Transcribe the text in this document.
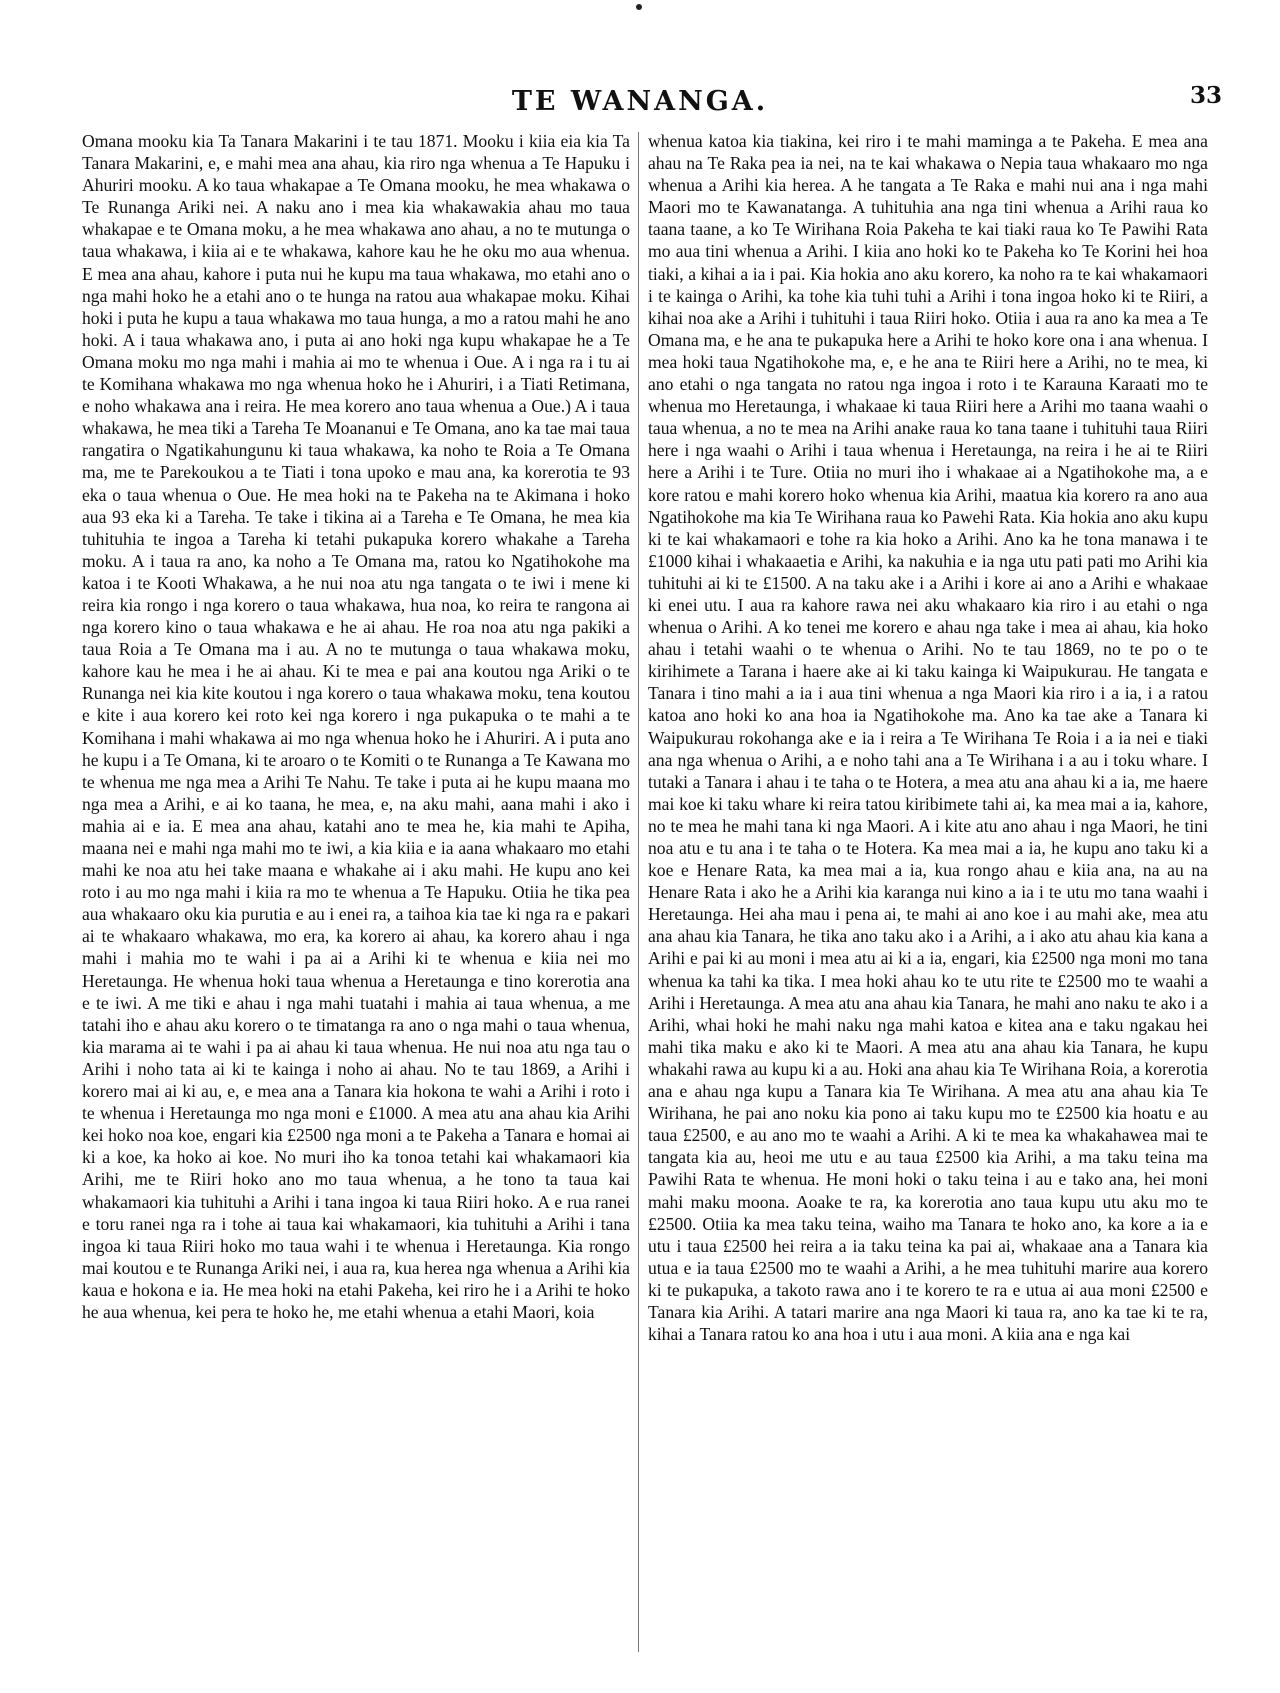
TE WANANGA.	33

Omana mooku kia Ta Tanara Makarini i te tau 1871. Mooku i kiia eia kia Ta Tanara Makarini, e, e mahi mea ana ahau, kia riro nga whenua a Te Hapuku i Ahuriri mooku. A ko taua whakapae a Te Omana mooku, he mea whakawa o Te Runanga Ariki nei. A naku ano i mea kia whakawakia ahau mo taua whakapae e te Omana moku, a he mea whakawa ano ahau, a no te mutunga o taua whakawa, i kiia ai e te whakawa, kahore kau he he oku mo aua whenua. E mea ana ahau, kahore i puta nui he kupu ma taua whakawa, mo etahi ano o nga mahi hoko he a etahi ano o te hunga na ratou aua whakapae moku. Kihai hoki i puta he kupu a taua whakawa mo taua hunga, a mo a ratou mahi he ano hoki. A i taua whakawa ano, i puta ai ano hoki nga kupu whakapae he a Te Omana moku mo nga mahi i mahia ai mo te whenua i Oue. A i nga ra i tu ai te Komihana whakawa mo nga whenua hoko he i Ahuriri, i a Tiati Retimana, e noho whakawa ana i reira. He mea korero ano taua whenua a Oue.) A i taua whakawa, he mea tiki a Tareha Te Moananui e Te Omana, ano ka tae mai taua rangatira o Ngatikahungunu ki taua whakawa, ka noho te Roia a Te Omana ma, me te Parekoukou a te Tiati i tona upoko e mau ana, ka korerotia te 93 eka o taua whenua o Oue. He mea hoki na te Pakeha na te Akimana i hoko aua 93 eka ki a Tareha. Te take i tikina ai a Tareha e Te Omana, he mea kia tuhituhia te ingoa a Tareha ki tetahi pukapuka korero whakahe a Tareha moku. A i taua ra ano, ka noho a Te Omana ma, ratou ko Ngatihokohe ma katoa i te Kooti Whakawa, a he nui noa atu nga tangata o te iwi i mene ki reira kia rongo i nga korero o taua whakawa, hua noa, ko reira te rangona ai nga korero kino o taua whakawa e he ai ahau. He roa noa atu nga pakiki a taua Roia a Te Omana ma i au. A no te mutunga o taua whakawa moku, kahore kau he mea i he ai ahau. Ki te mea e pai ana koutou nga Ariki o te Runanga nei kia kite koutou i nga korero o taua whakawa moku, tena koutou e kite i aua korero kei roto kei nga korero i nga pukapuka o te mahi a te Komihana i mahi whakawa ai mo nga whenua hoko he i Ahuriri. A i puta ano he kupu i a Te Omana, ki te aroaro o te Komiti o te Runanga a Te Kawana mo te whenua me nga mea a Arihi Te Nahu. Te take i puta ai he kupu maana mo nga mea a Arihi, e ai ko taana, he mea, e, na aku mahi, aana mahi i ako i mahia ai e ia. E mea ana ahau, katahi ano te mea he, kia mahi te Apiha, maana nei e mahi nga mahi mo te iwi, a kia kiia e ia aana whakaaro mo etahi mahi ke noa atu hei take maana e whakahe ai i aku mahi. He kupu ano kei roto i au mo nga mahi i kiia ra mo te whenua a Te Hapuku. Otiia he tika pea aua whakaaro oku kia purutia e au i enei ra, a taihoa kia tae ki nga ra e pakari ai te whakaaro whakawa, mo era, ka korero ai ahau, ka korero ahau i nga mahi i mahia mo te wahi i pa ai a Arihi ki te whenua e kiia nei mo Heretaunga. He whenua hoki taua whenua a Heretaunga e tino korerotia ana e te iwi. A me tiki e ahau i nga mahi tuatahi i mahia ai taua whenua, a me tatahi iho e ahau aku korero o te timatanga ra ano o nga mahi o taua whenua, kia marama ai te wahi i pa ai ahau ki taua whenua. He nui noa atu nga tau o Arihi i noho tata ai ki te kainga i noho ai ahau. No te tau 1869, a Arihi i korero mai ai ki au, e, e mea ana a Tanara kia hokona te wahi a Arihi i roto i te whenua i Heretaunga mo nga moni e £1000. A mea atu ana ahau kia Arihi kei hoko noa koe, engari kia £2500 nga moni a te Pakeha a Tanara e homai ai ki a koe, ka hoko ai koe. No muri iho ka tonoa tetahi kai whakamaori kia Arihi, me te Riiri hoko ano mo taua whenua, a he tono ta taua kai whakamaori kia tuhituhi a Arihi i tana ingoa ki taua Riiri hoko. A e rua ranei e toru ranei nga ra i tohe ai taua kai whakamaori, kia tuhituhi a Arihi i tana ingoa ki taua Riiri hoko mo taua wahi i te whenua i Heretaunga. Kia rongo mai koutou e te Runanga Ariki nei, i aua ra, kua herea nga whenua a Arihi kia kaua e hokona e ia. He mea hoki na etahi Pakeha, kei riro he i a Arihi te hoko he aua whenua, kei pera te hoko he, me etahi whenua a etahi Maori, koia

whenua katoa kia tiakina, kei riro i te mahi maminga a te Pakeha. E mea ana ahau na Te Raka pea ia nei, na te kai whakawa o Nepia taua whakaaro mo nga whenua a Arihi kia herea. A he tangata a Te Raka e mahi nui ana i nga mahi Maori mo te Kawanatanga. A tuhituhia ana nga tini whenua a Arihi raua ko taana taane, a ko Te Wirihana Roia Pakeha te kai tiaki raua ko Te Pawihi Rata mo aua tini whenua a Arihi. I kiia ano hoki ko te Pakeha ko Te Korini hei hoa tiaki, a kihai a ia i pai. Kia hokia ano aku korero, ka noho ra te kai whakamaori i te kainga o Arihi, ka tohe kia tuhi tuhi a Arihi i tona ingoa hoko ki te Riiri, a kihai noa ake a Arihi i tuhituhi i taua Riiri hoko. Otiia i aua ra ano ka mea a Te Omana ma, e he ana te pukapuka here a Arihi te hoko kore ona i ana whenua. I mea hoki taua Ngatihokohe ma, e, e he ana te Riiri here a Arihi, no te mea, ki ano etahi o nga tangata no ratou nga ingoa i roto i te Karauna Karaati mo te whenua mo Heretaunga, i whakaae ki taua Riiri here a Arihi mo taana waahi o taua whenua, a no te mea na Arihi anake raua ko tana taane i tuhituhi taua Riiri here i nga waahi o Arihi i taua whenua i Heretaunga, na reira i he ai te Riiri here a Arihi i te Ture. Otiia no muri iho i whakaae ai a Ngatihokohe ma, a e kore ratou e mahi korero hoko whenua kia Arihi, maatua kia korero ra ano aua Ngatihokohe ma kia Te Wirihana raua ko Pawehi Rata. Kia hokia ano aku kupu ki te kai whakamaori e tohe ra kia hoko a Arihi. Ano ka he tona manawa i te £1000 kihai i whakaaetia e Arihi, ka nakuhia e ia nga utu pati pati mo Arihi kia tuhituhi ai ki te £1500. A na taku ake i a Arihi i kore ai ano a Arihi e whakaae ki enei utu. I aua ra kahore rawa nei aku whakaaro kia riro i au etahi o nga whenua o Arihi. A ko tenei me korero e ahau nga take i mea ai ahau, kia hoko ahau i tetahi waahi o te whenua o Arihi. No te tau 1869, no te po o te kirihimete a Tarana i haere ake ai ki taku kainga ki Waipukurau. He tangata e Tanara i tino mahi a ia i aua tini whenua a nga Maori kia riro i a ia, i a ratou katoa ano hoki ko ana hoa ia Ngatihokohe ma. Ano ka tae ake a Tanara ki Waipukurau rokohanga ake e ia i reira a Te Wirihana Te Roia i a ia nei e tiaki ana nga whenua o Arihi, a e noho tahi ana a Te Wirihana i a au i toku whare. I tutaki a Tanara i ahau i te taha o te Hotera, a mea atu ana ahau ki a ia, me haere mai koe ki taku whare ki reira tatou kiribimete tahi ai, ka mea mai a ia, kahore, no te mea he mahi tana ki nga Maori. A i kite atu ano ahau i nga Maori, he tini noa atu e tu ana i te taha o te Hotera. Ka mea mai a ia, he kupu ano taku ki a koe e Henare Rata, ka mea mai a ia, kua rongo ahau e kiia ana, na au na Henare Rata i ako he a Arihi kia karanga nui kino a ia i te utu mo tana waahi i Heretaunga. Hei aha mau i pena ai, te mahi ai ano koe i au mahi ake, mea atu ana ahau kia Tanara, he tika ano taku ako i a Arihi, a i ako atu ahau kia kana a Arihi e pai ki au moni i mea atu ai ki a ia, engari, kia £2500 nga moni mo tana whenua ka tahi ka tika. I mea hoki ahau ko te utu rite te £2500 mo te waahi a Arihi i Heretaunga. A mea atu ana ahau kia Tanara, he mahi ano naku te ako i a Arihi, whai hoki he mahi naku nga mahi katoa e kitea ana e taku ngakau hei mahi tika maku e ako ki te Maori. A mea atu ana ahau kia Tanara, he kupu whakahi rawa au kupu ki a au. Hoki ana ahau kia Te Wirihana Roia, a korerotia ana e ahau nga kupu a Tanara kia Te Wirihana. A mea atu ana ahau kia Te Wirihana, he pai ano noku kia pono ai taku kupu mo te £2500 kia hoatu e au taua £2500, e au ano mo te waahi a Arihi. A ki te mea ka whakahawea mai te tangata kia au, heoi me utu e au taua £2500 kia Arihi, a ma taku teina ma Pawihi Rata te whenua. He moni hoki o taku teina i au e tako ana, hei moni mahi maku moona. Aoake te ra, ka korerotia ano taua kupu utu aku mo te £2500. Otiia ka mea taku teina, waiho ma Tanara te hoko ano, ka kore a ia e utu i taua £2500 hei reira a ia taku teina ka pai ai, whakaae ana a Tanara kia utua e ia taua £2500 mo te waahi a Arihi, a he mea tuhituhi marire aua korero ki te pukapuka, a takoto rawa ano i te korero te ra e utua ai aua moni £2500 e Tanara kia Arihi. A tatari marire ana nga Maori ki taua ra, ano ka tae ki te ra, kihai a Tanara ratou ko ana hoa i utu i aua moni. A kiia ana e nga kai
